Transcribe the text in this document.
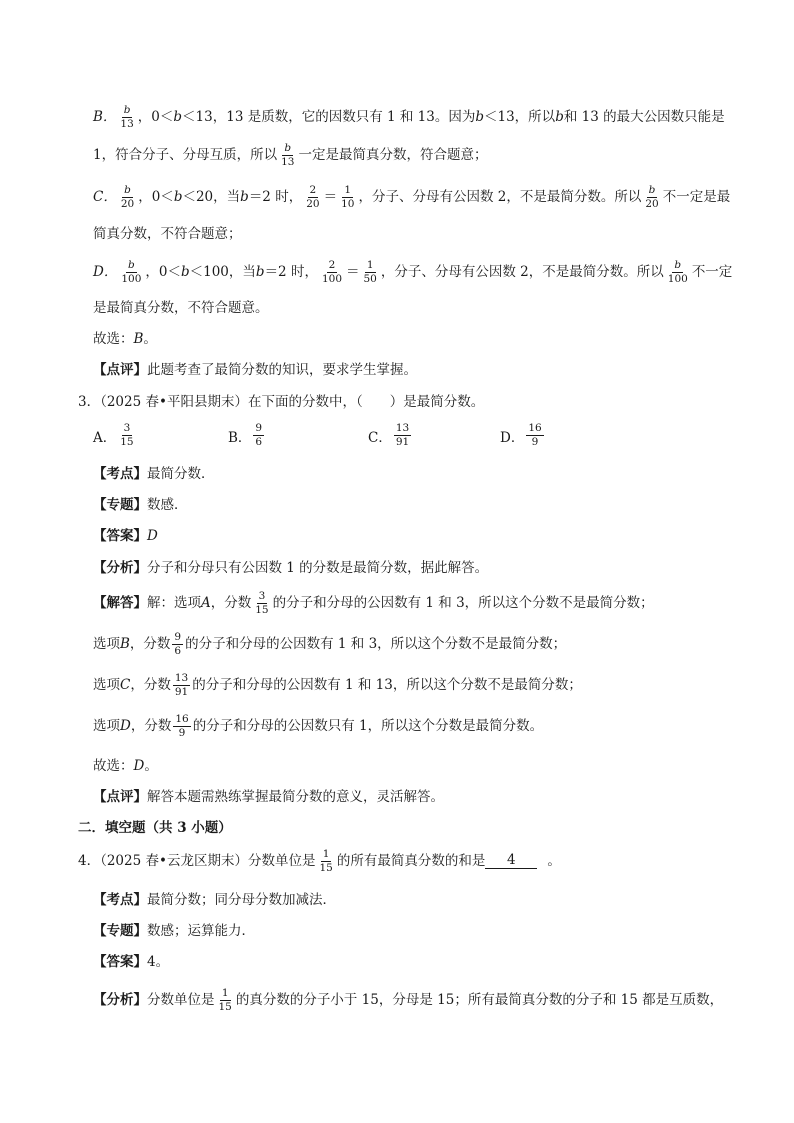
B． $\frac{b}{13}$ ，0＜ b ＜13，13 是质数，它的因数只有 1 和 13。因为 b ＜13，所以 b 和 13 的最大公因数只能是
1，符合分子、分母互质，所以 $\frac{b}{13}$ 一定是最简真分数，符合题意；
C． $\frac{b}{20}$ ，0＜ b ＜20，当 b ＝2 时， $\frac{2}{20} = \frac{1}{10}$ ，分子、分母有公因数 2，不是最简分数。所以 $\frac{b}{20}$ 不一定是最
简真分数，不符合题意；
D． $\frac{b}{100}$ ，0＜ b ＜100，当 b ＝2 时， $\frac{2}{100} = \frac{1}{50}$ ，分子、分母有公因数 2，不是最简分数。所以 $\frac{b}{100}$ 不一定
是最简真分数，不符合题意。
故选： B 。
【点评】 此题考查了最简分数的知识，要求学生掌握。
3．（2025 春•平阳县期末）在下面的分数中，（　　）是最简分数。
A． $\frac{3}{15}$	B． $\frac{9}{6}$	C． $\frac{13}{91}$	D． $\frac{16}{9}$
【考点】 最简分数．
【专题】 数感．
【答案】 D
【分析】 分子和分母只有公因数 1 的分数是最简分数，据此解答。
【解答】 解：选项 A ，分数 $\frac{3}{15}$ 的分子和分母的公因数有 1 和 3，所以这个分数不是最简分数；
选项 B ，分数 $\frac{9}{6}$ 的分子和分母的公因数有 1 和 3，所以这个分数不是最简分数；
选项 C ，分数 $\frac{13}{91}$ 的分子和分母的公因数有 1 和 13，所以这个分数不是最简分数；
选项 D ，分数 $\frac{16}{9}$ 的分子和分母的公因数只有 1，所以这个分数是最简分数。
故选： D 。
【点评】 解答本题需熟练掌握最简分数的意义，灵活解答。
二．填空题（共 3 小题）
4．（2025 春•云龙区期末）分数单位是 $\frac{1}{15}$ 的所有最简真分数的和是	4	。
【考点】 最简分数；同分母分数加减法．
【专题】 数感；运算能力．
【答案】 4。
【分析】 分数单位是 $\frac{1}{15}$ 的真分数的分子小于 15，分母是 15；所有最简真分数的分子和 15 都是互质数，
